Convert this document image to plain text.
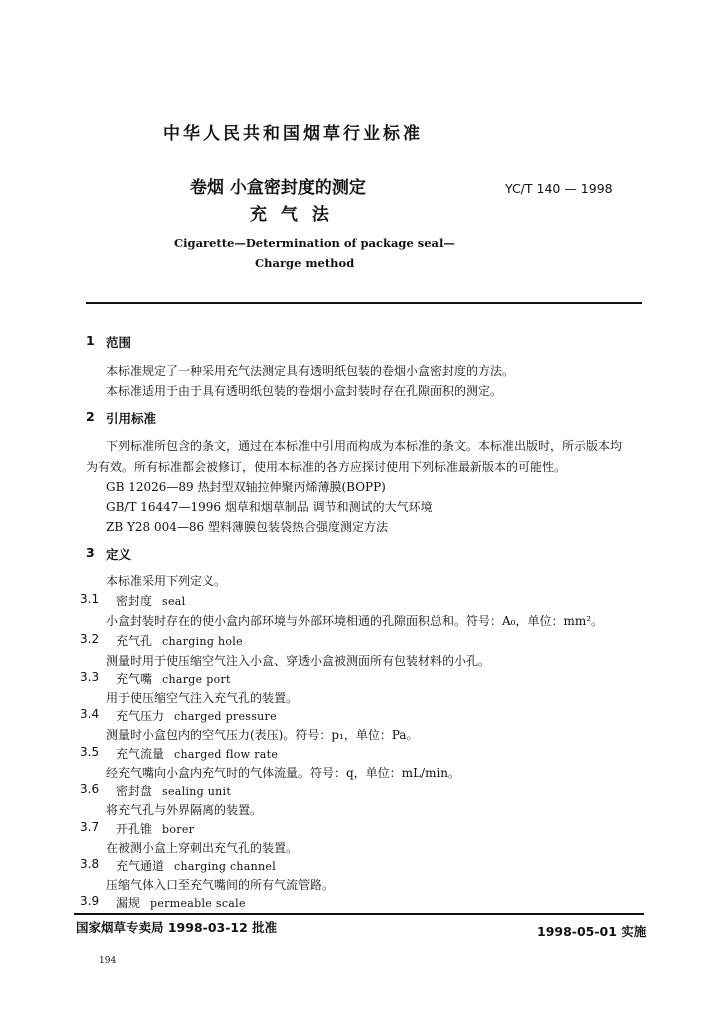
中华人民共和国烟草行业标准
卷烟 小盒密封度的测定
充 气 法
YC/T 140 — 1998
Cigarette—Determination of package seal—
Charge method
1 范围
本标准规定了一种采用充气法测定具有透明纸包装的卷烟小盒密封度的方法。
本标准适用于由于具有透明纸包装的卷烟小盒封装时存在孔隙面积的测定。
2 引用标准
下列标准所包含的条文，通过在本标准中引用而构成为本标准的条文。本标准出版时，所示版本均
为有效。所有标准都会被修订，使用本标准的各方应探讨使用下列标准最新版本的可能性。
GB 12026—89 热封型双轴拉伸聚丙烯薄膜(BOPP)
GB/T 16447—1996 烟草和烟草制品 调节和测试的大气环境
ZB Y28 004—86 塑料薄膜包装袋热合强度测定方法
3 定义
本标准采用下列定义。
3.1 密封度 seal
小盒封装时存在的使小盒内部环境与外部环境相通的孔隙面积总和。符号：A₀，单位：mm²。
3.2 充气孔 charging hole
测量时用于使压缩空气注入小盒、穿透小盒被测面所有包装材料的小孔。
3.3 充气嘴 charge port
用于使压缩空气注入充气孔的装置。
3.4 充气压力 charged pressure
测量时小盒包内的空气压力(表压)。符号：p₁，单位：Pa。
3.5 充气流量 charged flow rate
经充气嘴向小盒内充气时的气体流量。符号：q，单位：mL/min。
3.6 密封盘 sealing unit
将充气孔与外界隔离的装置。
3.7 开孔锥 borer
在被测小盒上穿刺出充气孔的装置。
3.8 充气通道 charging channel
压缩气体入口至充气嘴间的所有气流管路。
3.9 漏规 permeable scale
国家烟草专卖局 1998-03-12 批准	1998-05-01 实施
194
